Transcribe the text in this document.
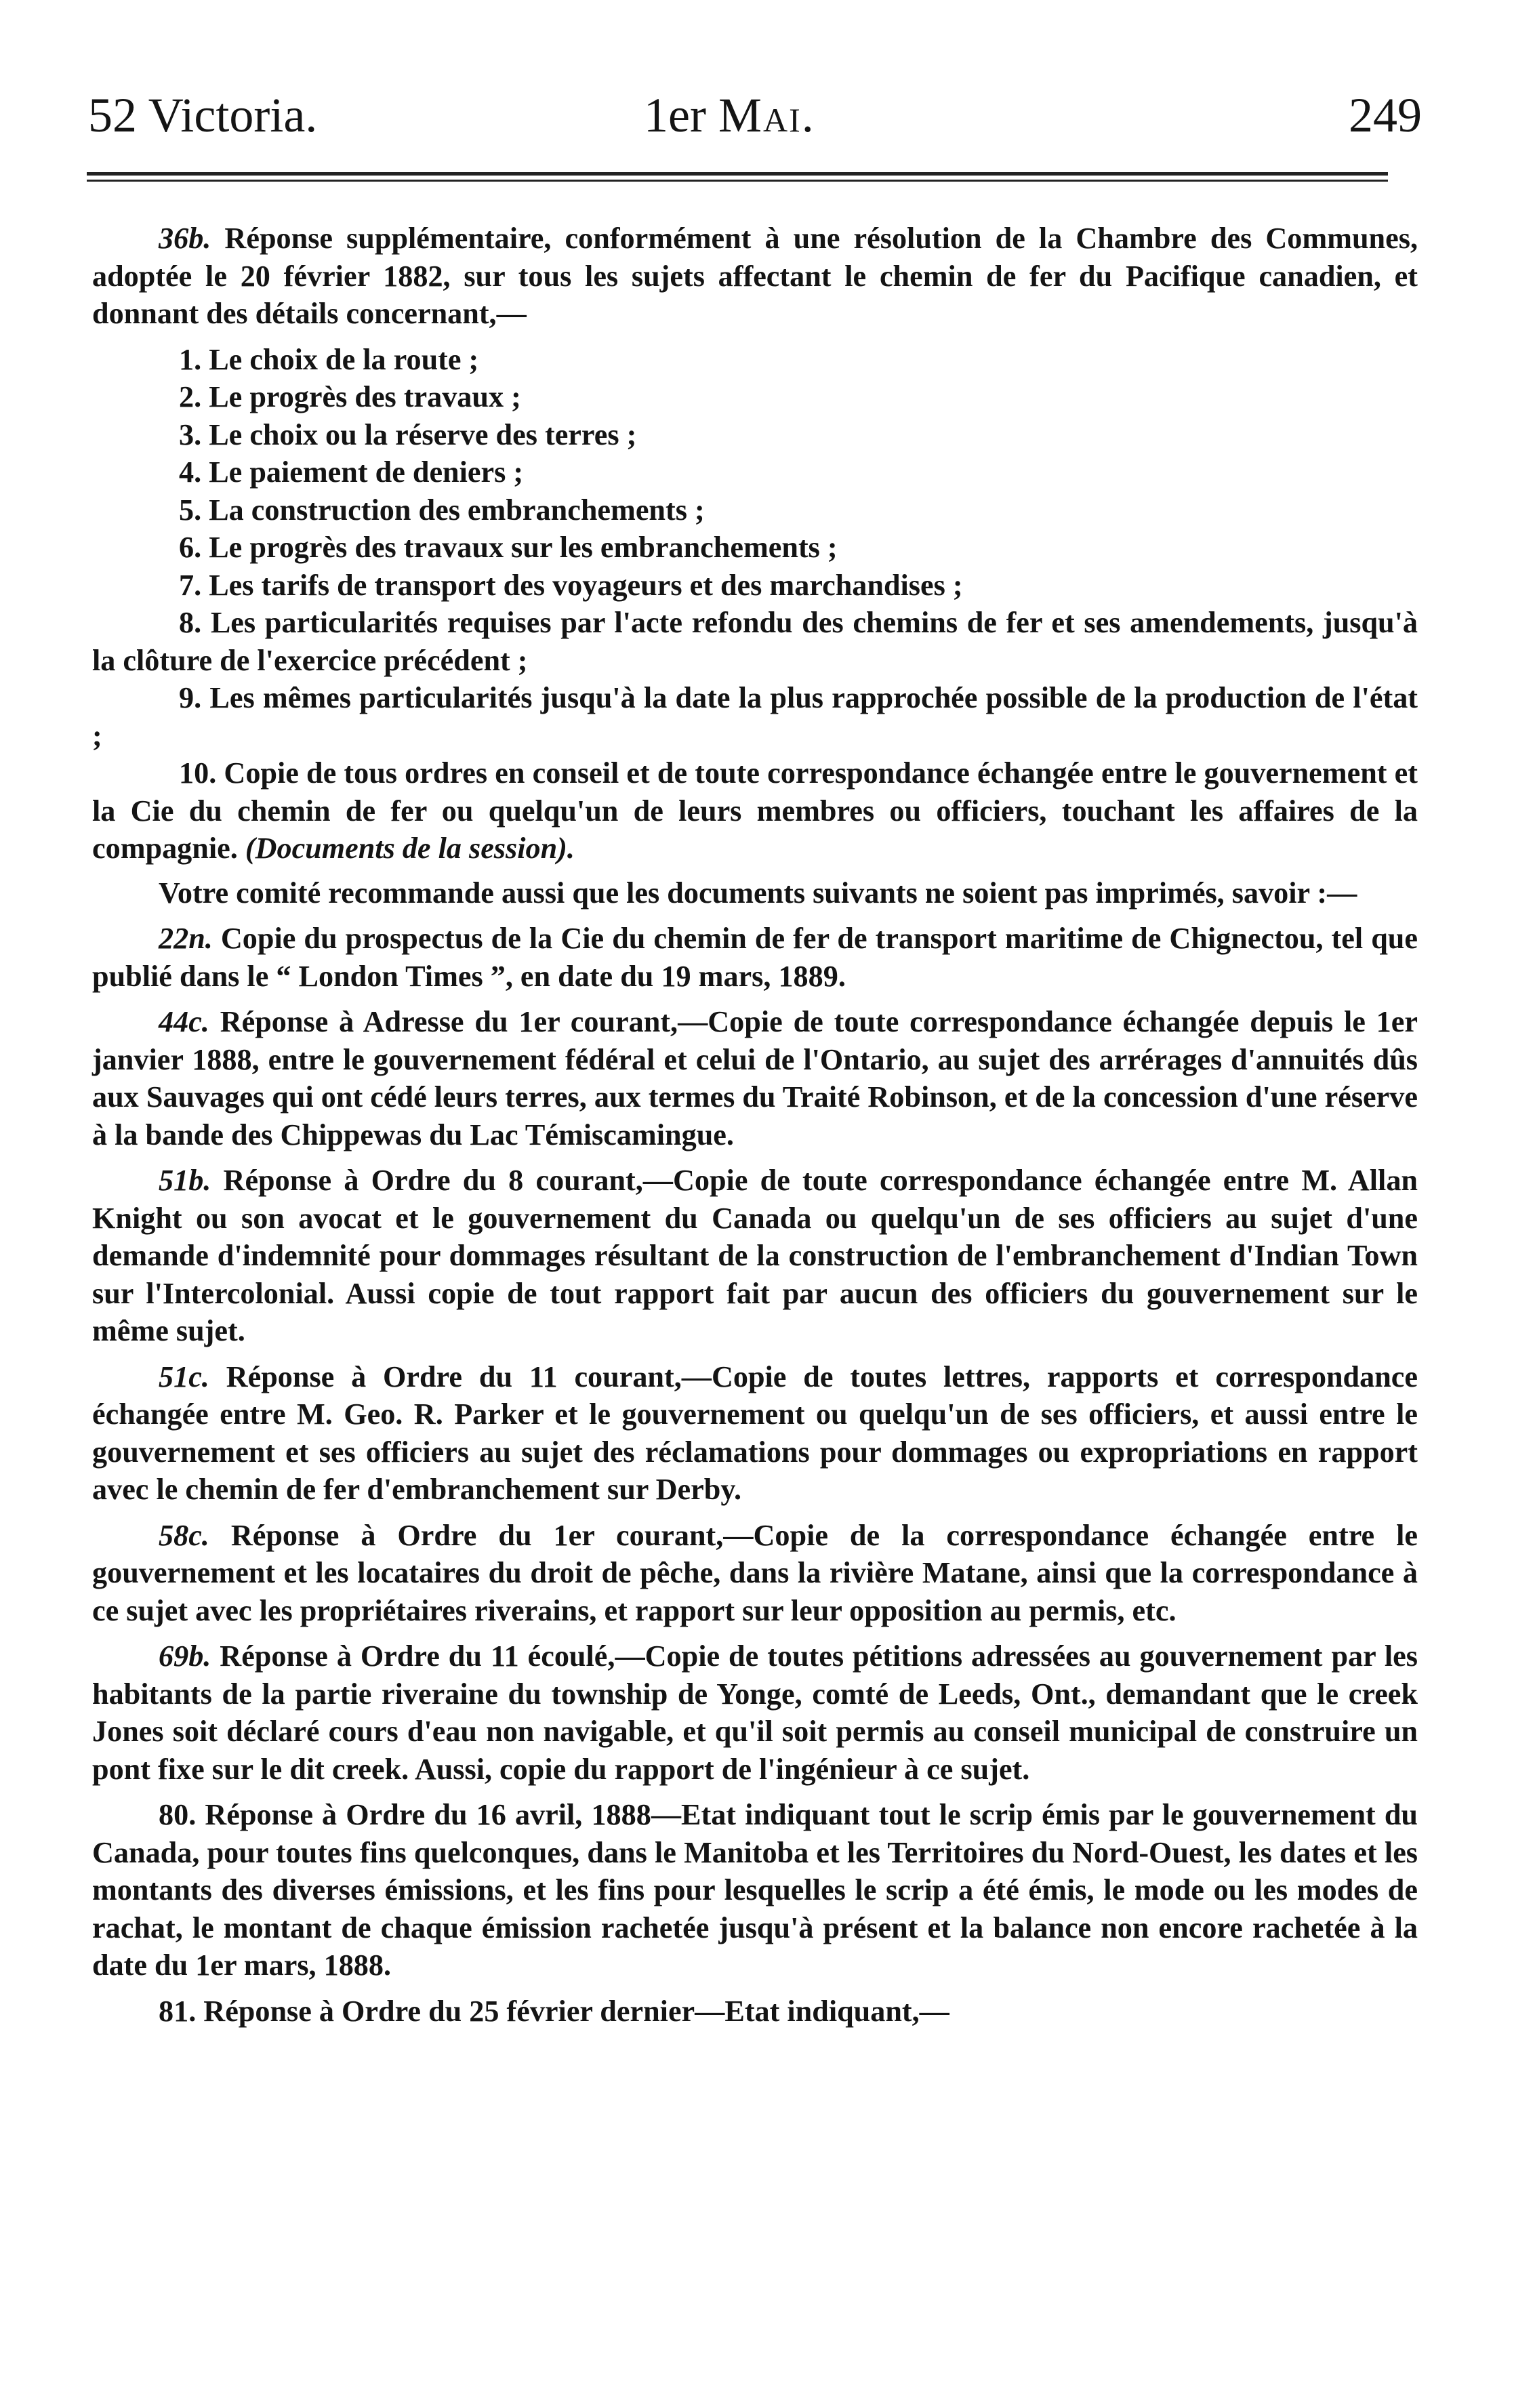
52 Victoria.	1er Mai.	249

36b. Réponse supplémentaire, conformément à une résolution de la Chambre des Communes, adoptée le 20 février 1882, sur tous les sujets affectant le chemin de fer du Pacifique canadien, et donnant des détails concernant,—

1. Le choix de la route ;
2. Le progrès des travaux ;
3. Le choix ou la réserve des terres ;
4. Le paiement de deniers ;
5. La construction des embranchements ;
6. Le progrès des travaux sur les embranchements ;
7. Les tarifs de transport des voyageurs et des marchandises ;
8. Les particularités requises par l'acte refondu des chemins de fer et ses amendements, jusqu'à la clôture de l'exercice précédent ;
9. Les mêmes particularités jusqu'à la date la plus rapprochée possible de la production de l'état ;
10. Copie de tous ordres en conseil et de toute correspondance échangée entre le gouvernement et la Cie du chemin de fer ou quelqu'un de leurs membres ou officiers, touchant les affaires de la compagnie. (Documents de la session).

Votre comité recommande aussi que les documents suivants ne soient pas imprimés, savoir :—

22n. Copie du prospectus de la Cie du chemin de fer de transport maritime de Chignectou, tel que publié dans le “ London Times ”, en date du 19 mars, 1889.

44c. Réponse à Adresse du 1er courant,—Copie de toute correspondance échangée depuis le 1er janvier 1888, entre le gouvernement fédéral et celui de l'Ontario, au sujet des arrérages d'annuités dûs aux Sauvages qui ont cédé leurs terres, aux termes du Traité Robinson, et de la concession d'une réserve à la bande des Chippewas du Lac Témiscamingue.

51b. Réponse à Ordre du 8 courant,—Copie de toute correspondance échangée entre M. Allan Knight ou son avocat et le gouvernement du Canada ou quelqu'un de ses officiers au sujet d'une demande d'indemnité pour dommages résultant de la construction de l'embranchement d'Indian Town sur l'Intercolonial. Aussi copie de tout rapport fait par aucun des officiers du gouvernement sur le même sujet.

51c. Réponse à Ordre du 11 courant,—Copie de toutes lettres, rapports et correspondance échangée entre M. Geo. R. Parker et le gouvernement ou quelqu'un de ses officiers, et aussi entre le gouvernement et ses officiers au sujet des réclamations pour dommages ou expropriations en rapport avec le chemin de fer d'embranchement sur Derby.

58c. Réponse à Ordre du 1er courant,—Copie de la correspondance échangée entre le gouvernement et les locataires du droit de pêche, dans la rivière Matane, ainsi que la correspondance à ce sujet avec les propriétaires riverains, et rapport sur leur opposition au permis, etc.

69b. Réponse à Ordre du 11 écoulé,—Copie de toutes pétitions adressées au gouvernement par les habitants de la partie riveraine du township de Yonge, comté de Leeds, Ont., demandant que le creek Jones soit déclaré cours d'eau non navigable, et qu'il soit permis au conseil municipal de construire un pont fixe sur le dit creek. Aussi, copie du rapport de l'ingénieur à ce sujet.

80. Réponse à Ordre du 16 avril, 1888—Etat indiquant tout le scrip émis par le gouvernement du Canada, pour toutes fins quelconques, dans le Manitoba et les Territoires du Nord-Ouest, les dates et les montants des diverses émissions, et les fins pour lesquelles le scrip a été émis, le mode ou les modes de rachat, le montant de chaque émission rachetée jusqu'à présent et la balance non encore rachetée à la date du 1er mars, 1888.

81. Réponse à Ordre du 25 février dernier—Etat indiquant,—
